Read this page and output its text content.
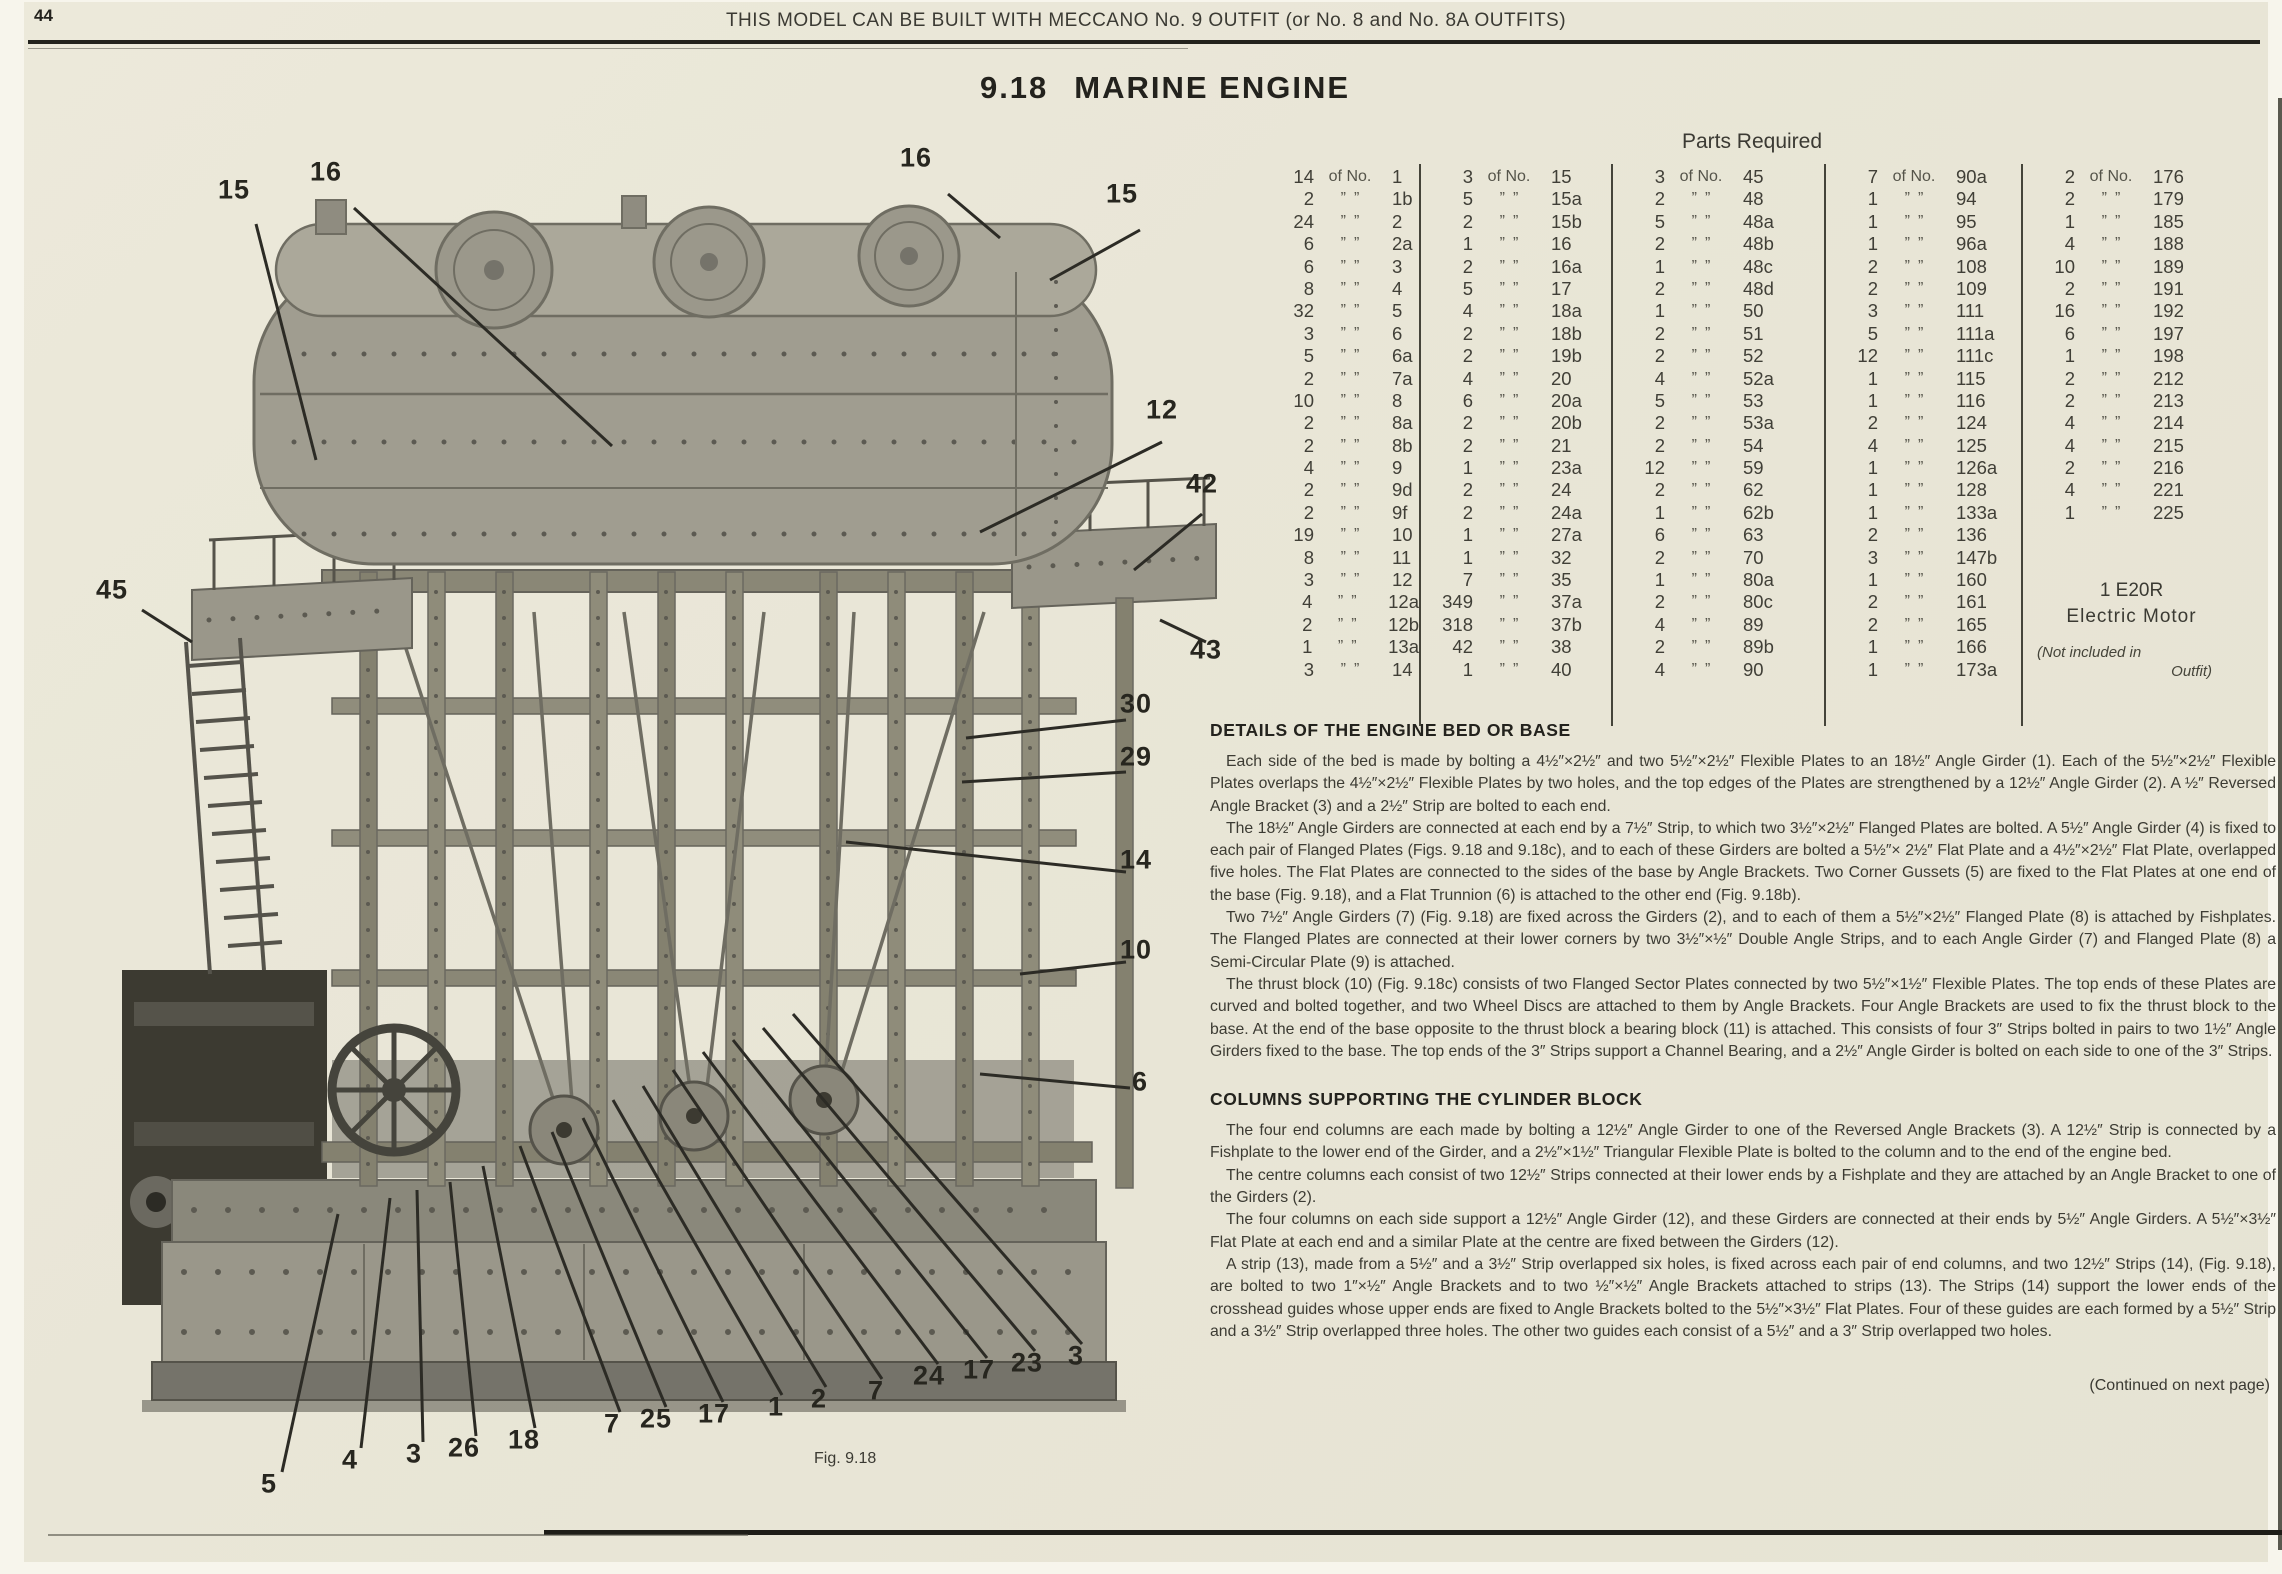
44	THIS MODEL CAN BE BUILT WITH MECCANO No. 9 OUTFIT (or No. 8 and No. 8A OUTFITS)
9.18 MARINE ENGINE
15
16	16
15
12
42
43
45
30
29
14
10
6
5
4 3 26 18
7 25 17 1 2 7 24 17 23 3
Fig. 9.18
Parts Required
14 of No.	1
2	” ”	1b
24	” ”	2
6	” ”	2a
6	” ”	3
8	” ”	4
32	” ”	5
3	” ”	6
5	” ”	6a
2	” ”	7a
10	” ”	8
2	” ”	8a
2	” ”	8b
4	” ”	9
2	” ”	9d
2	” ”	9f
19	” ”	10
8	” ”	11
3	” ”	12
4	” ”	12a
2	” ”	12b
1	” ”	13a
3	” ”	14
3 of No.	15
5	” ”	15a
2	” ”	15b
1	” ”	16
2	” ”	16a
5	” ”	17
4	” ”	18a
2	” ”	18b
2	” ”	19b
4	” ”	20
6	” ”	20a
2	” ”	20b
2	” ”	21
1	” ”	23a
2	” ”	24
2	” ”	24a
1	” ”	27a
1	” ”	32
7	” ”	35
349	” ”	37a
318	” ”	37b
42	” ”	38
1	” ”	40
3 of No.	45
2	” ”	48
5	” ”	48a
2	” ”	48b
1	” ”	48c
2	” ”	48d
1	” ”	50
2	” ”	51
2	” ”	52
4	” ”	52a
5	” ”	53
2	” ”	53a
2	” ”	54
12	” ”	59
2	” ”	62
1	” ”	62b
6	” ”	63
2	” ”	70
1	” ”	80a
2	” ”	80c
4	” ”	89
2	” ”	89b
4	” ”	90
7 of No.	90a
1	” ”	94
1	” ”	95
1	” ”	96a
2	” ”	108
2	” ”	109
3	” ”	111
5	” ”	111a
12	” ”	111c
1	” ”	115
1	” ”	116
2	” ”	124
4	” ”	125
1	” ”	126a
1	” ”	128
1	” ”	133a
2	” ”	136
3	” ”	147b
1	” ”	160
2	” ”	161
2	” ”	165
1	” ”	166
1	” ”	173a
2 of No.	176
2	” ”	179
1	” ”	185
4	” ”	188
10	” ”	189
2	” ”	191
16	” ”	192
6	” ”	197
1	” ”	198
2	” ”	212
2	” ”	213
4	” ”	214
4	” ”	215
2	” ”	216
4	” ”	221
1	” ”	225
1 E20R
Electric Motor
(Not included in
Outfit)
DETAILS OF THE ENGINE BED OR BASE

Each side of the bed is made by bolting a 4½″×2½″ and two 5½″×2½″ Flexible Plates to an 18½″ Angle Girder (1). Each of the 5½″×2½″ Flexible Plates overlaps the 4½″×2½″ Flexible Plates by two holes, and the top edges of the Plates are strengthened by a 12½″ Angle Girder (2). A ½″ Reversed Angle Bracket (3) and a 2½″ Strip are bolted to each end.

The 18½″ Angle Girders are connected at each end by a 7½″ Strip, to which two 3½″×2½″ Flanged Plates are bolted. A 5½″ Angle Girder (4) is fixed to each pair of Flanged Plates (Figs. 9.18 and 9.18c), and to each of these Girders are bolted a 5½″× 2½″ Flat Plate and a 4½″×2½″ Flat Plate, overlapped five holes. The Flat Plates are connected to the sides of the base by Angle Brackets. Two Corner Gussets (5) are fixed to the Flat Plates at one end of the base (Fig. 9.18), and a Flat Trunnion (6) is attached to the other end (Fig. 9.18b).

Two 7½″ Angle Girders (7) (Fig. 9.18) are fixed across the Girders (2), and to each of them a 5½″×2½″ Flanged Plate (8) is attached by Fishplates. The Flanged Plates are connected at their lower corners by two 3½″×½″ Double Angle Strips, and to each Angle Girder (7) and Flanged Plate (8) a Semi-Circular Plate (9) is attached.

The thrust block (10) (Fig. 9.18c) consists of two Flanged Sector Plates connected by two 5½″×1½″ Flexible Plates. The top ends of these Plates are curved and bolted together, and two Wheel Discs are attached to them by Angle Brackets. Four Angle Brackets are used to fix the thrust block to the base. At the end of the base opposite to the thrust block a bearing block (11) is attached. This consists of four 3″ Strips bolted in pairs to two 1½″ Angle Girders fixed to the base. The top ends of the 3″ Strips support a Channel Bearing, and a 2½″ Angle Girder is bolted on each side to one of the 3″ Strips.

COLUMNS SUPPORTING THE CYLINDER BLOCK

The four end columns are each made by bolting a 12½″ Angle Girder to one of the Reversed Angle Brackets (3). A 12½″ Strip is connected by a Fishplate to the lower end of the Girder, and a 2½″×1½″ Triangular Flexible Plate is bolted to the column and to the end of the engine bed.

The centre columns each consist of two 12½″ Strips connected at their lower ends by a Fishplate and they are attached by an Angle Bracket to one of the Girders (2).

The four columns on each side support a 12½″ Angle Girder (12), and these Girders are connected at their ends by 5½″ Angle Girders. A 5½″×3½″ Flat Plate at each end and a similar Plate at the centre are fixed between the Girders (12).

A strip (13), made from a 5½″ and a 3½″ Strip overlapped six holes, is fixed across each pair of end columns, and two 12½″ Strips (14), (Fig. 9.18), are bolted to two 1″×½″ Angle Brackets and to two ½″×½″ Angle Brackets attached to strips (13). The Strips (14) support the lower ends of the crosshead guides whose upper ends are fixed to Angle Brackets bolted to the 5½″×3½″ Flat Plates. Four of these guides are each formed by a 5½″ Strip and a 3½″ Strip overlapped three holes. The other two guides each consist of a 5½″ and a 3″ Strip overlapped two holes.

(Continued on next page)
